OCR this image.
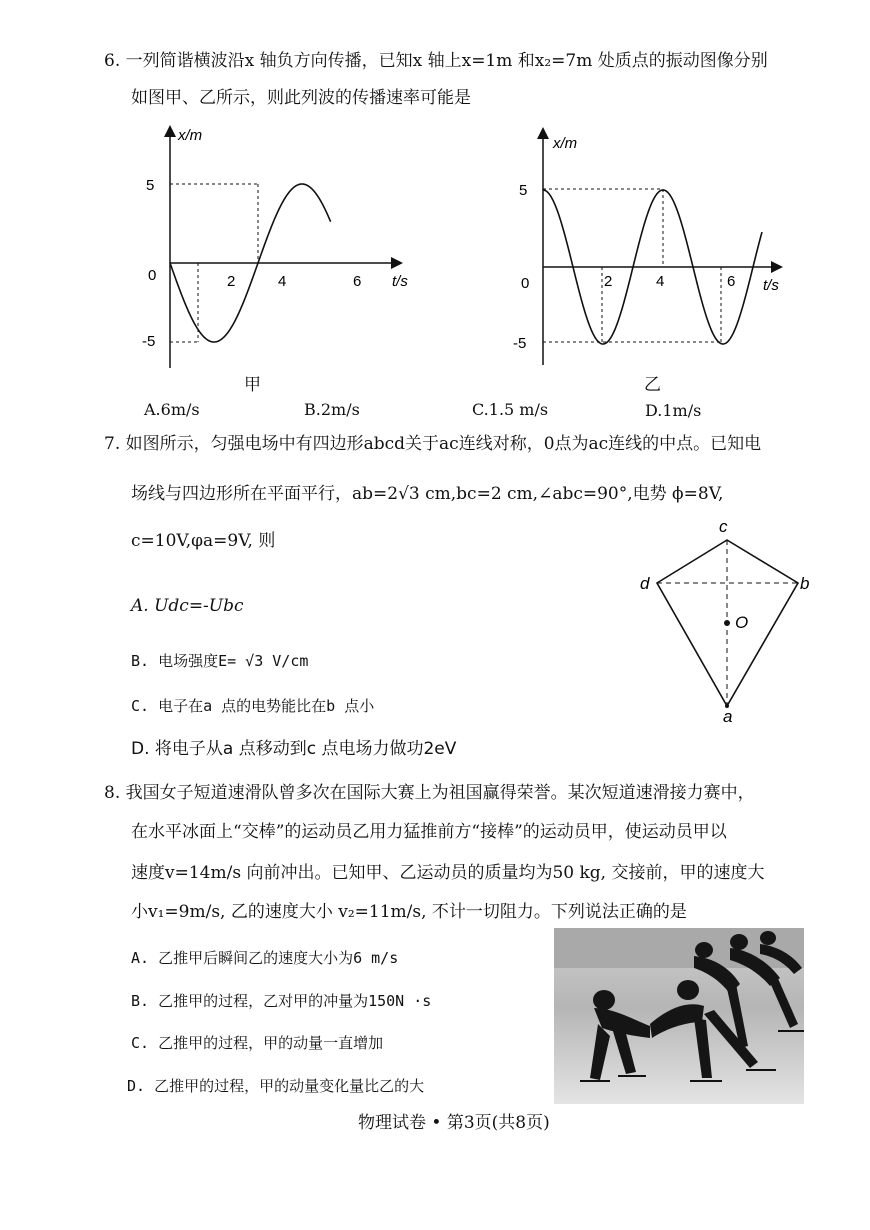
6. 一列简谐横波沿x 轴负方向传播，已知x 轴上x=1m 和x₂=7m 处质点的振动图像分别
如图甲、乙所示，则此列波的传播速率可能是
x/m
t/s
5
0
-5
2	4	6
甲
x/m
t/s
5
0
-5
2	4	6
乙
A.6m/s	B.2m/s	C.1.5 m/s	D.1m/s
7. 如图所示，匀强电场中有四边形abcd关于ac连线对称，0点为ac连线的中点。已知电
场线与四边形所在平面平行，ab=2√3 cm,bc=2 cm,∠abc=90°,电势 ϕ=8V,
c=10V,φa=9V, 则
A. Udc=-Ubc
B. 电场强度E= √3 V/cm
C. 电子在a 点的电势能比在b 点小
D. 将电子从a 点移动到c 点电场力做功2eV
c
d	b
O
a
8. 我国女子短道速滑队曾多次在国际大赛上为祖国赢得荣誉。某次短道速滑接力赛中，
在水平冰面上“交棒”的运动员乙用力猛推前方“接棒”的运动员甲，使运动员甲以
速度v=14m/s 向前冲出。已知甲、乙运动员的质量均为50 kg, 交接前，甲的速度大
小v₁=9m/s, 乙的速度大小 v₂=11m/s, 不计一切阻力。下列说法正确的是
A. 乙推甲后瞬间乙的速度大小为6 m/s
B. 乙推甲的过程，乙对甲的冲量为150N ·s
C. 乙推甲的过程，甲的动量一直增加
D. 乙推甲的过程，甲的动量变化量比乙的大
物理试卷 • 第3页(共8页)
